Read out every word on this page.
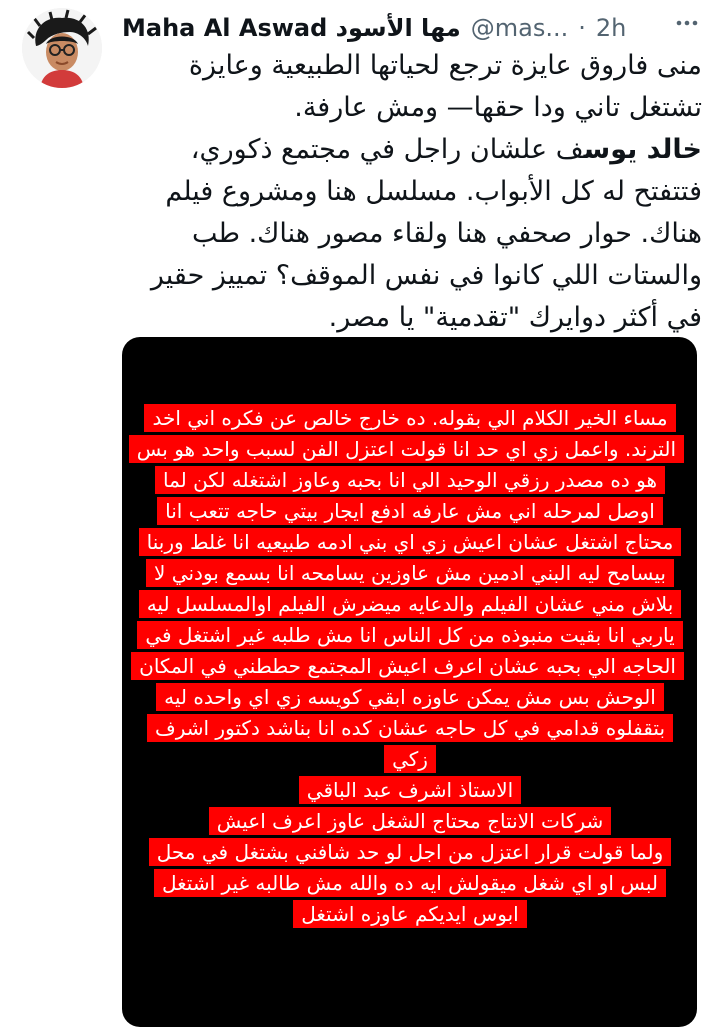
Maha Al Aswad مها الأسود @mas... · 2h

منى فاروق عايزة ترجع لحياتها الطبيعية وعايزة تشتغل تاني ودا حقها— ومش عارفة.

خالد يوسف علشان راجل في مجتمع ذكوري، فتتفتح له كل الأبواب. مسلسل هنا ومشروع فيلم هناك. حوار صحفي هنا ولقاء مصور هناك. طب والستات اللي كانوا في نفس الموقف؟ تمييز حقير في أكثر دوايرك "تقدمية" يا مصر.

مساء الخير الكلام الي بقوله. ده خارج خالص عن فكره اني اخد الترند. واعمل زي اي حد انا قولت اعتزل الفن لسبب واحد هو بس هو ده مصدر رزقي الوحيد الي انا بحبه وعاوز اشتغله لكن لما اوصل لمرحله اني مش عارفه ادفع ايجار بيتي حاجه تتعب انا محتاج اشتغل عشان اعيش زي اي بني ادمه طبيعيه انا غلط وربنا بيسامح ليه البني ادمين مش عاوزين يسامحه انا بسمع بودني لا بلاش مني عشان الفيلم والدعايه ميضرش الفيلم اوالمسلسل ليه ياربي انا بقيت منبوذه من كل الناس انا مش طلبه غير اشتغل في الحاجه الي بحبه عشان اعرف اعيش المجتمع حططني في المكان الوحش بس مش يمكن عاوزه ابقي كويسه زي اي واحده ليه بتقفلوه قدامي في كل حاجه عشان كده انا بناشد دكتور اشرف زكي

الاستاذ اشرف عبد الباقي

شركات الانتاج محتاج الشغل عاوز اعرف اعيش

ولما قولت قرار اعتزل من اجل لو حد شافني بشتغل في محل لبس او اي شغل ميقولش ايه ده والله مش طالبه غير اشتغل ابوس ايديكم عاوزه اشتغل
